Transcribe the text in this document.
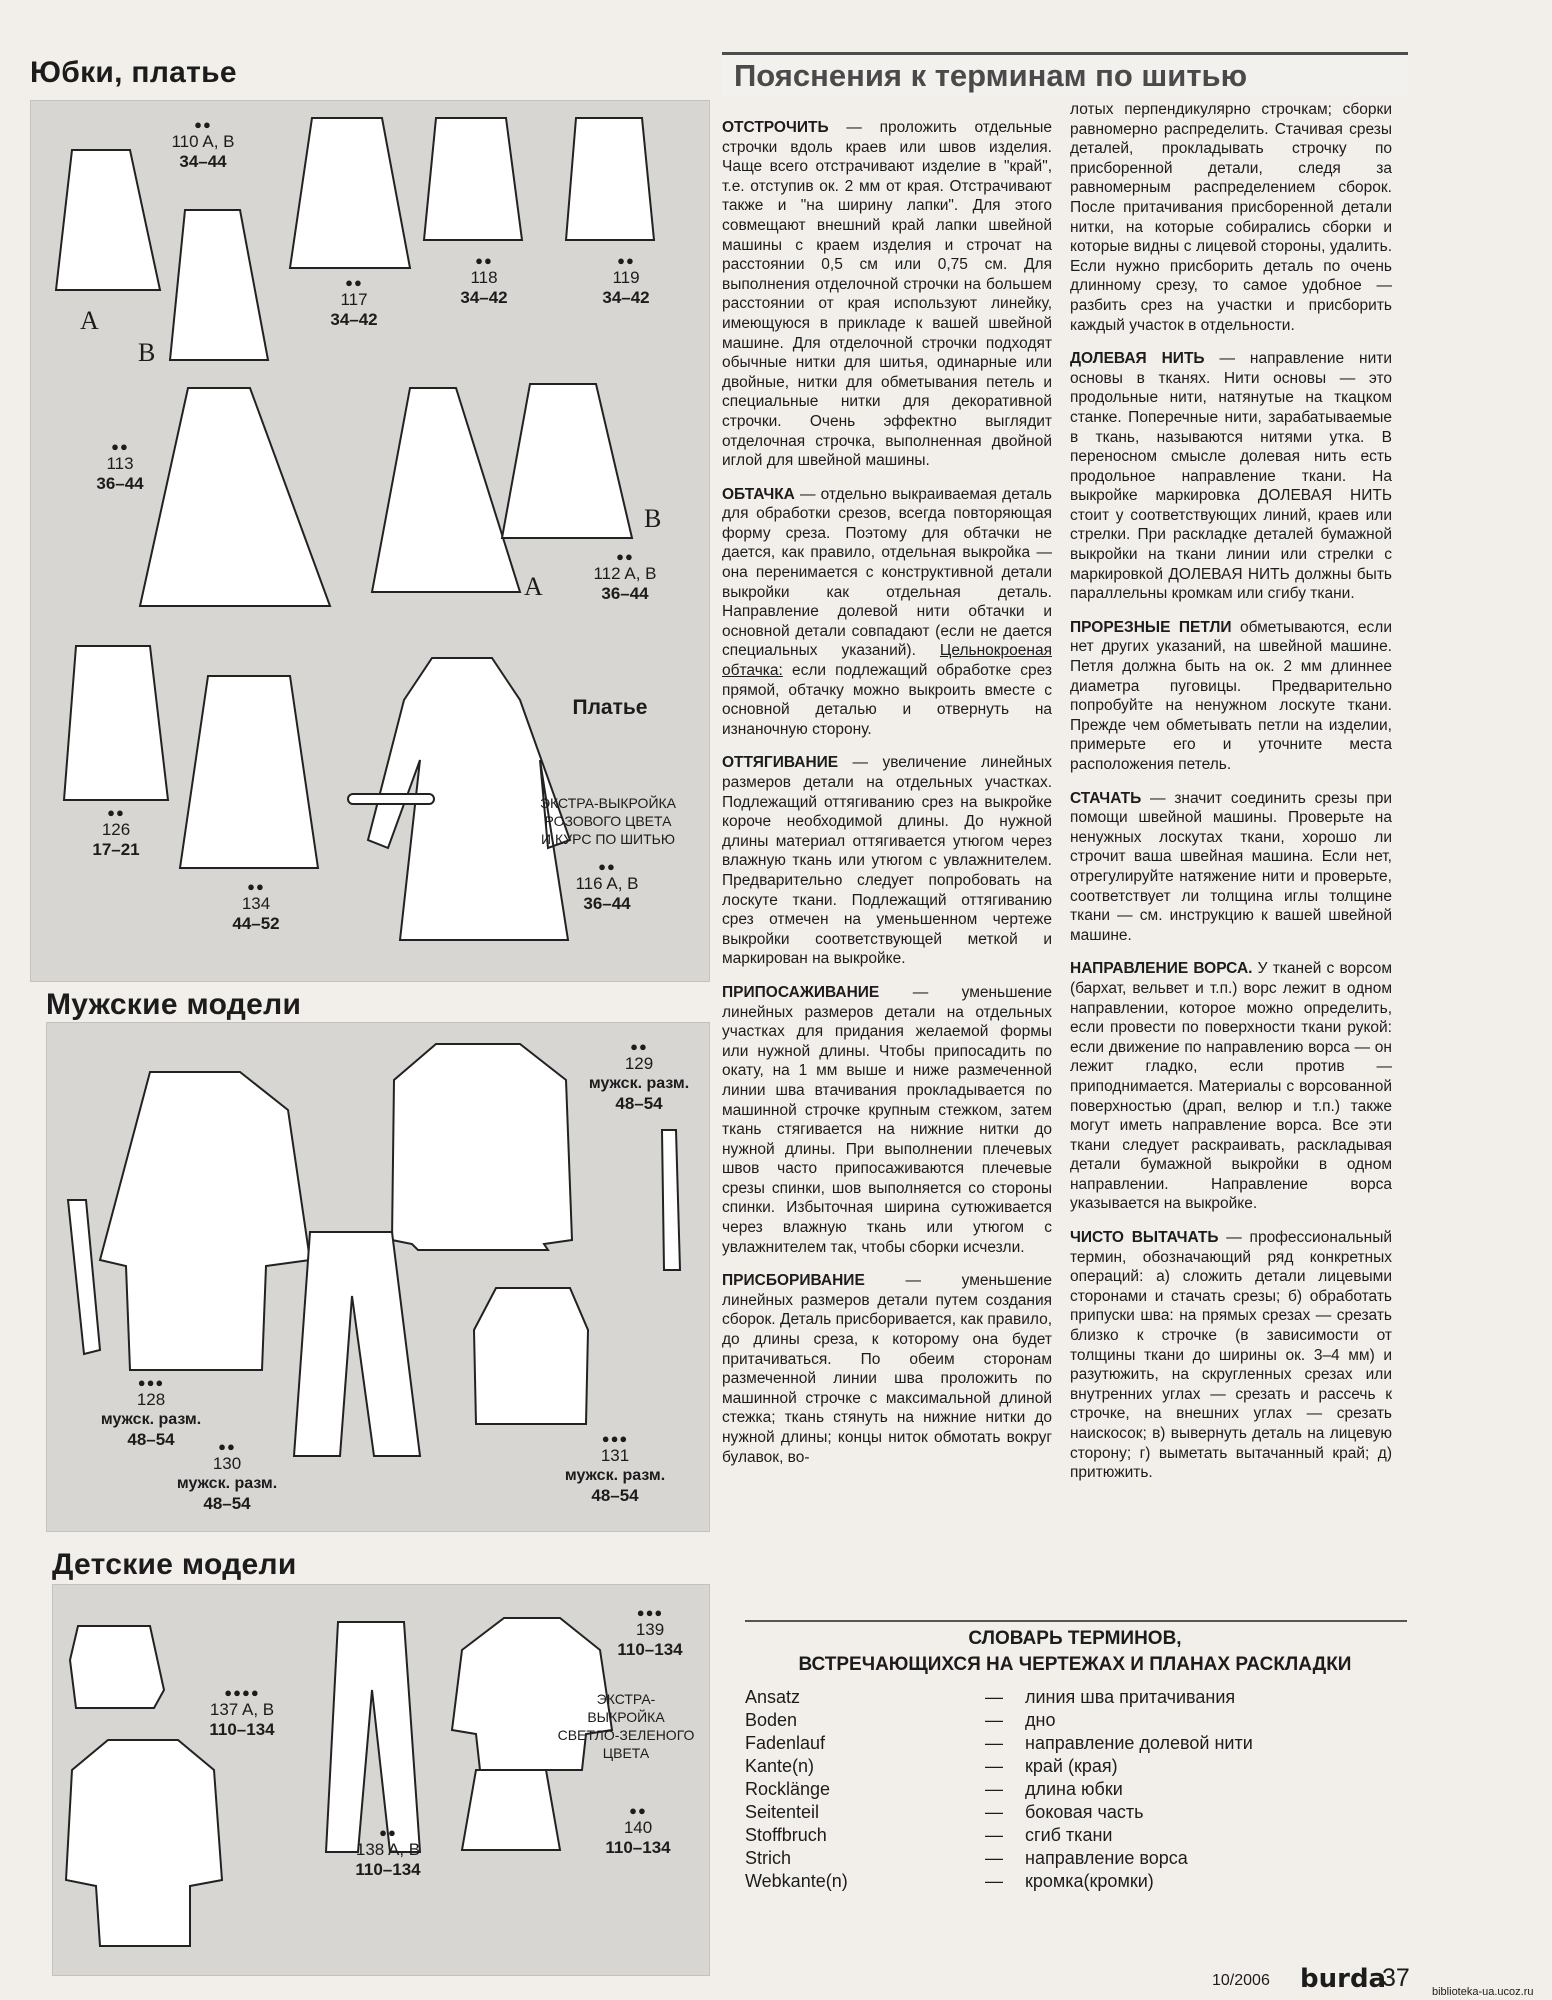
Юбки, платье
Мужские модели
Детские модели
●●
110 A, B
34–44
●●
117
34–42
●●
118
34–42
●●
119
34–42
●●
113
36–44
●●
112 A, B
36–44
●●
126
17–21
●●
134
44–52
●●
116 A, B
36–44
Платье
ЭКСТРА-ВЫКРОЙКА
РОЗОВОГО ЦВЕТА
И КУРС ПО ШИТЬЮ
A
B
A
B
●●
129
мужск. разм.
48–54
●●●
128
мужск. разм.
48–54	●●
130
мужск. разм.
48–54
●●●
131
мужск. разм.
48–54
●●●
139
110–134
●●●●
137 A, B
110–134
●●
140
110–134
●●
138 A, B
110–134
ЭКСТРА-
ВЫКРОЙКА
СВЕТЛО-ЗЕЛЕНОГО
ЦВЕТА
Пояснения к терминам по шитью

ОТСТРОЧИТЬ — проложить отдельные строчки вдоль краев или швов изделия. Чаще всего отстрачивают изделие в "край", т.е. отступив ок. 2 мм от края. Отстрачивают также и "на ширину лапки". Для этого совмещают внешний край лапки швейной машины с краем изделия и строчат на расстоянии 0,5 см или 0,75 см. Для выполнения отделочной строчки на большем расстоянии от края используют линейку, имеющуюся в прикладе к вашей швейной машине. Для отделочной строчки подходят обычные нитки для шитья, одинарные или двойные, нитки для обметывания петель и специальные нитки для декоративной строчки. Очень эффектно выглядит отделочная строчка, выполненная двойной иглой для швейной машины.

ОБТАЧКА — отдельно выкраиваемая деталь для обработки срезов, всегда повторяющая форму среза. Поэтому для обтачки не дается, как правило, отдельная выкройка — она перенимается с конструктивной детали выкройки как отдельная деталь. Направление долевой нити обтачки и основной детали совпадают (если не дается специальных указаний). Цельнокроеная обтачка: если подлежащий обработке срез прямой, обтачку можно выкроить вместе с основной деталью и отвернуть на изнаночную сторону.

ОТТЯГИВАНИЕ — увеличение линейных размеров детали на отдельных участках. Подлежащий оттягиванию срез на выкройке короче необходимой длины. До нужной длины материал оттягивается утюгом через влажную ткань или утюгом с увлажнителем. Предварительно следует попробовать на лоскуте ткани. Подлежащий оттягиванию срез отмечен на уменьшенном чертеже выкройки соответствующей меткой и маркирован на выкройке.

ПРИПОСАЖИВАНИЕ — уменьшение линейных размеров детали на отдельных участках для придания желаемой формы или нужной длины. Чтобы припосадить по окату, на 1 мм выше и ниже размеченной линии шва втачивания прокладывается по машинной строчке крупным стежком, затем ткань стягивается на нижние нитки до нужной длины. При выполнении плечевых швов часто припосаживаются плечевые срезы спинки, шов выполняется со стороны спинки. Избыточная ширина сутюживается через влажную ткань или утюгом с увлажнителем так, чтобы сборки исчезли.

ПРИСБОРИВАНИЕ — уменьшение линейных размеров детали путем создания сборок. Деталь присборивается, как правило, до длины среза, к которому она будет притачиваться. По обеим сторонам размеченной линии шва проложить по машинной строчке с максимальной длиной стежка; ткань стянуть на нижние нитки до нужной длины; концы ниток обмотать вокруг булавок, во-

лотых перпендикулярно строчкам; сборки равномерно распределить. Стачивая срезы деталей, прокладывать строчку по присборенной детали, следя за равномерным распределением сборок. После притачивания присборенной детали нитки, на которые собирались сборки и которые видны с лицевой стороны, удалить. Если нужно присборить деталь по очень длинному срезу, то самое удобное — разбить срез на участки и присборить каждый участок в отдельности.

ДОЛЕВАЯ НИТЬ — направление нити основы в тканях. Нити основы — это продольные нити, натянутые на ткацком станке. Поперечные нити, зарабатываемые в ткань, называются нитями утка. В переносном смысле долевая нить есть продольное направление ткани. На выкройке маркировка ДОЛЕВАЯ НИТЬ стоит у соответствующих линий, краев или стрелки. При раскладке деталей бумажной выкройки на ткани линии или стрелки с маркировкой ДОЛЕВАЯ НИТЬ должны быть параллельны кромкам или сгибу ткани.

ПРОРЕЗНЫЕ ПЕТЛИ обметываются, если нет других указаний, на швейной машине. Петля должна быть на ок. 2 мм длиннее диаметра пуговицы. Предварительно попробуйте на ненужном лоскуте ткани. Прежде чем обметывать петли на изделии, примерьте его и уточните места расположения петель.

СТАЧАТЬ — значит соединить срезы при помощи швейной машины. Проверьте на ненужных лоскутах ткани, хорошо ли строчит ваша швейная машина. Если нет, отрегулируйте натяжение нити и проверьте, соответствует ли толщина иглы толщине ткани — см. инструкцию к вашей швейной машине.

НАПРАВЛЕНИЕ ВОРСА. У тканей с ворсом (бархат, вельвет и т.п.) ворс лежит в одном направлении, которое можно определить, если провести по поверхности ткани рукой: если движение по направлению ворса — он лежит гладко, если против — приподнимается. Материалы с ворсованной поверхностью (драп, велюр и т.п.) также могут иметь направление ворса. Все эти ткани следует раскраивать, раскладывая детали бумажной выкройки в одном направлении. Направление ворса указывается на выкройке.

ЧИСТО ВЫТАЧАТЬ — профессиональный термин, обозначающий ряд конкретных операций: а) сложить детали лицевыми сторонами и стачать срезы; б) обработать припуски шва: на прямых срезах — срезать близко к строчке (в зависимости от толщины ткани до ширины ок. 3–4 мм) и разутюжить, на скругленных срезах или внутренних углах — срезать и рассечь к строчке, на внешних углах — срезать наискосок; в) вывернуть деталь на лицевую сторону; г) выметать вытачанный край; д) притюжить.

СЛОВАРЬ ТЕРМИНОВ,
ВСТРЕЧАЮЩИХСЯ НА ЧЕРТЕЖАХ И ПЛАНАХ РАСКЛАДКИ
Ansatz	—	линия шва притачивания
Boden	—	дно
Fadenlauf	—	направление долевой нити
Kante(n)	—	край (края)
Rocklänge	—	длина юбки
Seitenteil	—	боковая часть
Stoffbruch	—	сгиб ткани
Strich	—	направление ворса
Webkante(n)	—	кромка(кромки)
10/2006 burda
37 biblioteka-ua.ucoz.ru
